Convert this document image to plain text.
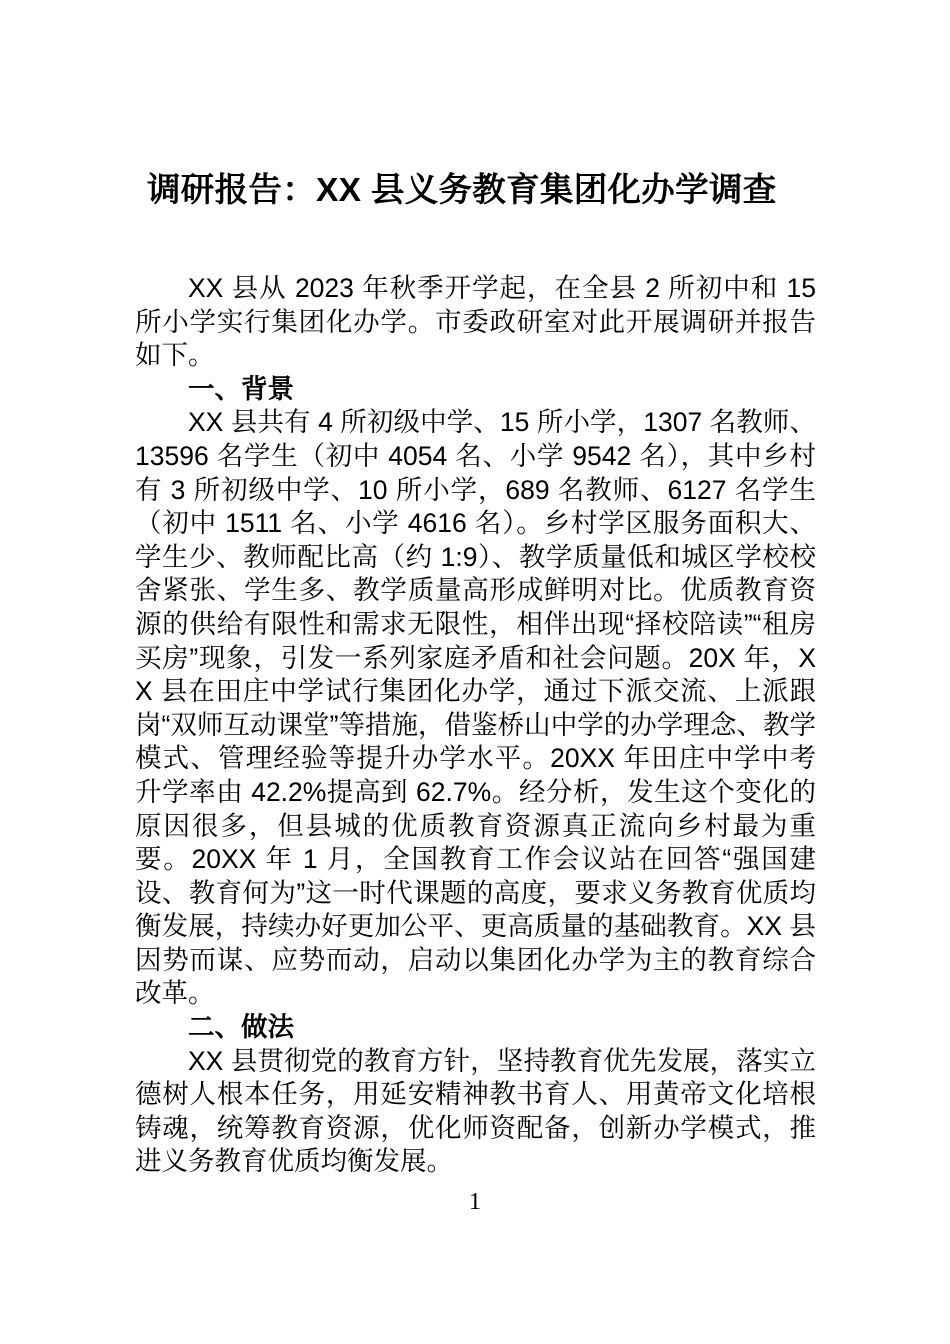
调研报告：XX 县义务教育集团化办学调查

XX 县从 2023 年秋季开学起，在全县 2 所初中和 15 所小学实行集团化办学。市委政研室对此开展调研并报告如下。

一、背景

XX 县共有 4 所初级中学、15 所小学，1307 名教师、13596 名学生（初中 4054 名、小学 9542 名），其中乡村有 3 所初级中学、10 所小学，689 名教师、6127 名学生（初中 1511 名、小学 4616 名）。乡村学区服务面积大、学生少、教师配比高（约 1:9）、教学质量低和城区学校校舍紧张、学生多、教学质量高形成鲜明对比。优质教育资源的供给有限性和需求无限性，相伴出现“择校陪读”“租房买房”现象，引发一系列家庭矛盾和社会问题。20X 年，XX 县在田庄中学试行集团化办学，通过下派交流、上派跟岗“双师互动课堂”等措施，借鉴桥山中学的办学理念、教学模式、管理经验等提升办学水平。20XX 年田庄中学中考升学率由 42.2%提高到 62.7%。经分析，发生这个变化的原因很多，但县城的优质教育资源真正流向乡村最为重要。20XX 年 1 月，全国教育工作会议站在回答“强国建设、教育何为”这一时代课题的高度，要求义务教育优质均衡发展，持续办好更加公平、更高质量的基础教育。XX 县因势而谋、应势而动，启动以集团化办学为主的教育综合改革。

二、做法

XX 县贯彻党的教育方针，坚持教育优先发展，落实立德树人根本任务，用延安精神教书育人、用黄帝文化培根铸魂，统筹教育资源，优化师资配备，创新办学模式，推进义务教育优质均衡发展。

1
